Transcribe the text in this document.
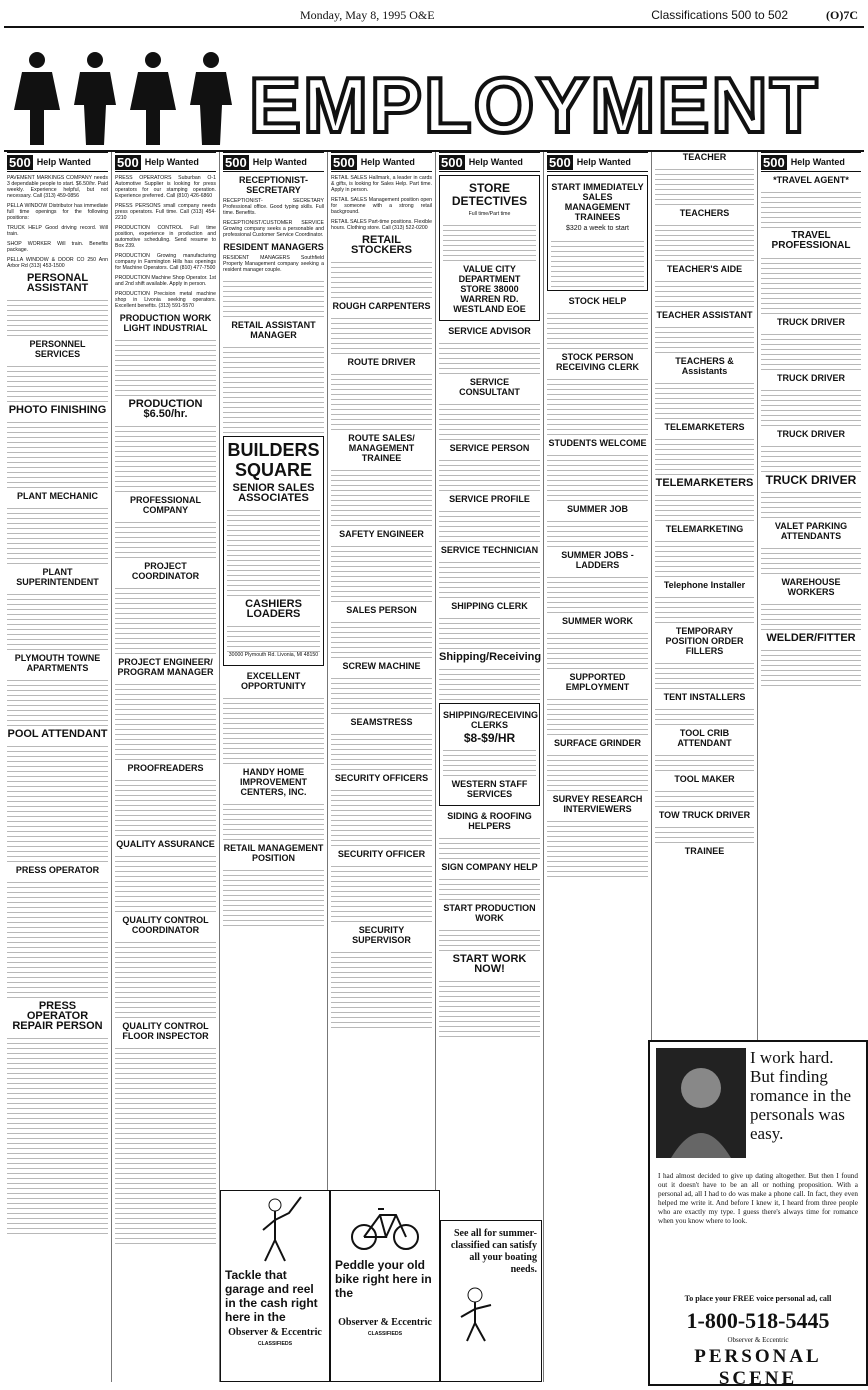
Monday, May 8, 1995 O&E	Classifications 500 to 502	(O)7C
EMPLOYMENT
500 Help Wanted

PAVEMENT MARKINGS COMPANY needs 3 dependable people to start. $6.50/hr. Paid weekly. Experience helpful, but not necessary. Call (313) 459-0856

PELLA WINDOW Distributor has immediate full time openings for the following positions:

TRUCK HELP Good driving record. Will train.

SHOP WORKER Will train. Benefits package.

PELLA WINDOW & DOOR CO 250 Ann Arbor Rd (313) 453-1500

PERSONAL ASSISTANT
PERSONNEL SERVICES
PHOTO FINISHING
PLANT MECHANIC
PLANT SUPERINTENDENT
PLYMOUTH TOWNE APARTMENTS
POOL ATTENDANT
PRESS OPERATOR
PRESS OPERATOR REPAIR PERSON
500 Help Wanted

PRESS OPERATORS Suburban O-1 Automotive Supplier is looking for press operators for our stamping operation. Experience preferred. Call (810) 426-6860

PRESS PERSONS small company needs press operators. Full time. Call (313) 454-2210

PRODUCTION CONTROL Full time position, experience in production and automotive scheduling. Send resume to Box 239.

PRODUCTION Growing manufacturing company in Farmington Hills has openings for Machine Operators. Call (810) 477-7500

PRODUCTION Machine Shop Operator. 1st and 2nd shift available. Apply in person.

PRODUCTION Precision metal machine shop in Livonia seeking operators. Excellent benefits. (313) 591-5570

PRODUCTION WORK LIGHT INDUSTRIAL
PRODUCTION $6.50/hr.
PROFESSIONAL COMPANY
PROJECT COORDINATOR
PROJECT ENGINEER/ PROGRAM MANAGER
PROOFREADERS
QUALITY ASSURANCE
QUALITY CONTROL COORDINATOR
QUALITY CONTROL FLOOR INSPECTOR
500 Help Wanted
RECEPTIONIST- SECRETARY

RECEPTIONIST- SECRETARY Professional office. Good typing skills. Full time. Benefits.

RECEPTIONIST/CUSTOMER SERVICE Growing company seeks a personable and professional Customer Service Coordinator.

RESIDENT MANAGERS

RESIDENT MANAGERS Southfield Property Management company seeking a resident manager couple.

RETAIL ASSISTANT MANAGER
BUILDERS SQUARE
SENIOR SALES ASSOCIATES
CASHIERS LOADERS
30000 Plymouth Rd. Livonia, MI 48150
EXCELLENT OPPORTUNITY
HANDY HOME IMPROVEMENT CENTERS, INC.
RETAIL MANAGEMENT POSITION
500 Help Wanted

RETAIL SALES Hallmark, a leader in cards & gifts, is looking for Sales Help. Part time. Apply in person.

RETAIL SALES Management position open for someone with a strong retail background.

RETAIL SALES Part-time positions. Flexible hours. Clothing store. Call (313) 522-0200

RETAIL STOCKERS
ROUGH CARPENTERS
ROUTE DRIVER
ROUTE SALES/ MANAGEMENT TRAINEE
SAFETY ENGINEER
SALES PERSON
SCREW MACHINE
SEAMSTRESS
SECURITY OFFICERS
SECURITY OFFICER
SECURITY SUPERVISOR
500 Help Wanted
STORE DETECTIVES
Full time/Part time
VALUE CITY DEPARTMENT STORE 38000 WARREN RD. WESTLAND EOE
SERVICE ADVISOR
SERVICE CONSULTANT
SERVICE PERSON
SERVICE PROFILE
SERVICE TECHNICIAN
SHIPPING CLERK
Shipping/Receiving
SHIPPING/RECEIVING CLERKS
$8-$9/HR
WESTERN STAFF SERVICES
SIDING & ROOFING HELPERS
SIGN COMPANY HELP
START PRODUCTION WORK
START WORK NOW!
500 Help Wanted
START IMMEDIATELY SALES MANAGEMENT TRAINEES
$320 a week to start
STOCK HELP
STOCK PERSON RECEIVING CLERK
STUDENTS WELCOME
SUMMER JOB
SUMMER JOBS - LADDERS
SUMMER WORK
SUPPORTED EMPLOYMENT
SURFACE GRINDER
SURVEY RESEARCH INTERVIEWERS
TEACHER
TEACHERS
TEACHER'S AIDE
TEACHER ASSISTANT
TEACHERS & Assistants
TELEMARKETERS
TELEMARKETERS
TELEMARKETING
Telephone Installer
TEMPORARY POSITION ORDER FILLERS
TENT INSTALLERS
TOOL CRIB ATTENDANT
TOOL MAKER
TOW TRUCK DRIVER
TRAINEE
500 Help Wanted
*TRAVEL AGENT*
TRAVEL PROFESSIONAL
TRUCK DRIVER
TRUCK DRIVER
TRUCK DRIVER
TRUCK DRIVER
VALET PARKING ATTENDANTS
WAREHOUSE WORKERS
WELDER/FITTER
Tackle that garage and reel in the cash right here in the
Observer & Eccentric
CLASSIFIEDS
Peddle your old bike right here in the
Observer & Eccentric
CLASSIFIEDS
See all for summer-classified can satisfy all your boating needs.
I work hard. But finding romance in the personals was easy.
I had almost decided to give up dating altogether. But then I found out it doesn't have to be an all or nothing proposition. With a personal ad, all I had to do was make a phone call. In fact, they even helped me write it. And before I knew it, I heard from three people who are exactly my type. I guess there's always time for romance when you know where to look.
To place your FREE voice personal ad, call
1-800-518-5445
Observer & Eccentric
PERSONAL SCENE
